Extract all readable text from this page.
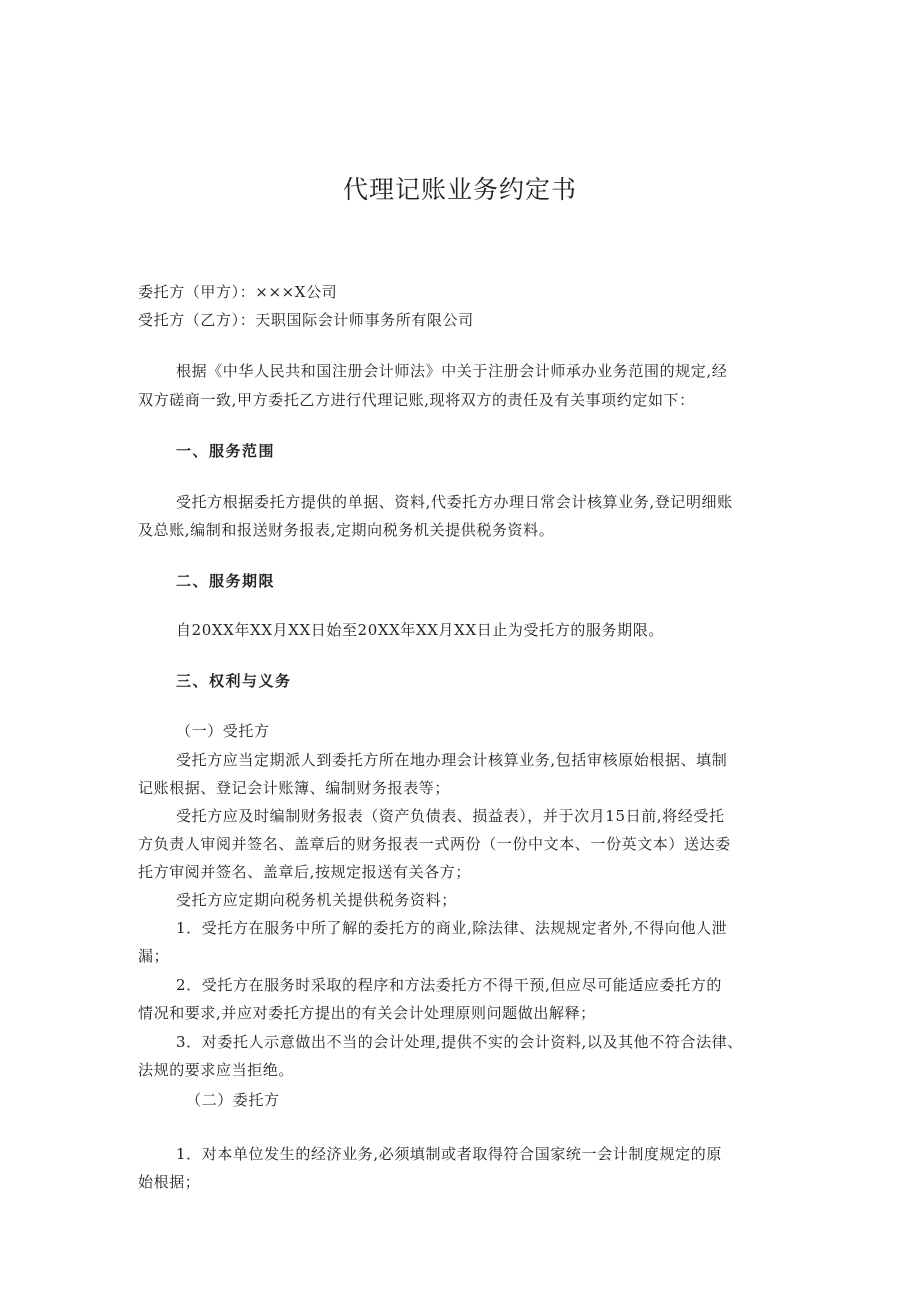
代理记账业务约定书
委托方（甲方）：×××X公司
受托方（乙方）：天职国际会计师事务所有限公司
根据《中华人民共和国注册会计师法》中关于注册会计师承办业务范围的规定,经
双方磋商一致,甲方委托乙方进行代理记账,现将双方的责任及有关事项约定如下：
一、服务范围
受托方根据委托方提供的单据、资料,代委托方办理日常会计核算业务,登记明细账
及总账,编制和报送财务报表,定期向税务机关提供税务资料。
二、服务期限
自20XX年XX月XX日始至20XX年XX月XX日止为受托方的服务期限。
三、权利与义务
（一）受托方
受托方应当定期派人到委托方所在地办理会计核算业务,包括审核原始根据、填制
记账根据、登记会计账簿、编制财务报表等；
受托方应及时编制财务报表（资产负债表、损益表），并于次月15日前,将经受托
方负责人审阅并签名、盖章后的财务报表一式两份（一份中文本、一份英文本）送达委
托方审阅并签名、盖章后,按规定报送有关各方；
受托方应定期向税务机关提供税务资料；
1．受托方在服务中所了解的委托方的商业,除法律、法规规定者外,不得向他人泄
漏；
2．受托方在服务时采取的程序和方法委托方不得干预,但应尽可能适应委托方的
情况和要求,并应对委托方提出的有关会计处理原则问题做出解释；
3．对委托人示意做出不当的会计处理,提供不实的会计资料,以及其他不符合法律、
法规的要求应当拒绝。
（二）委托方
1．对本单位发生的经济业务,必须填制或者取得符合国家统一会计制度规定的原
始根据；
